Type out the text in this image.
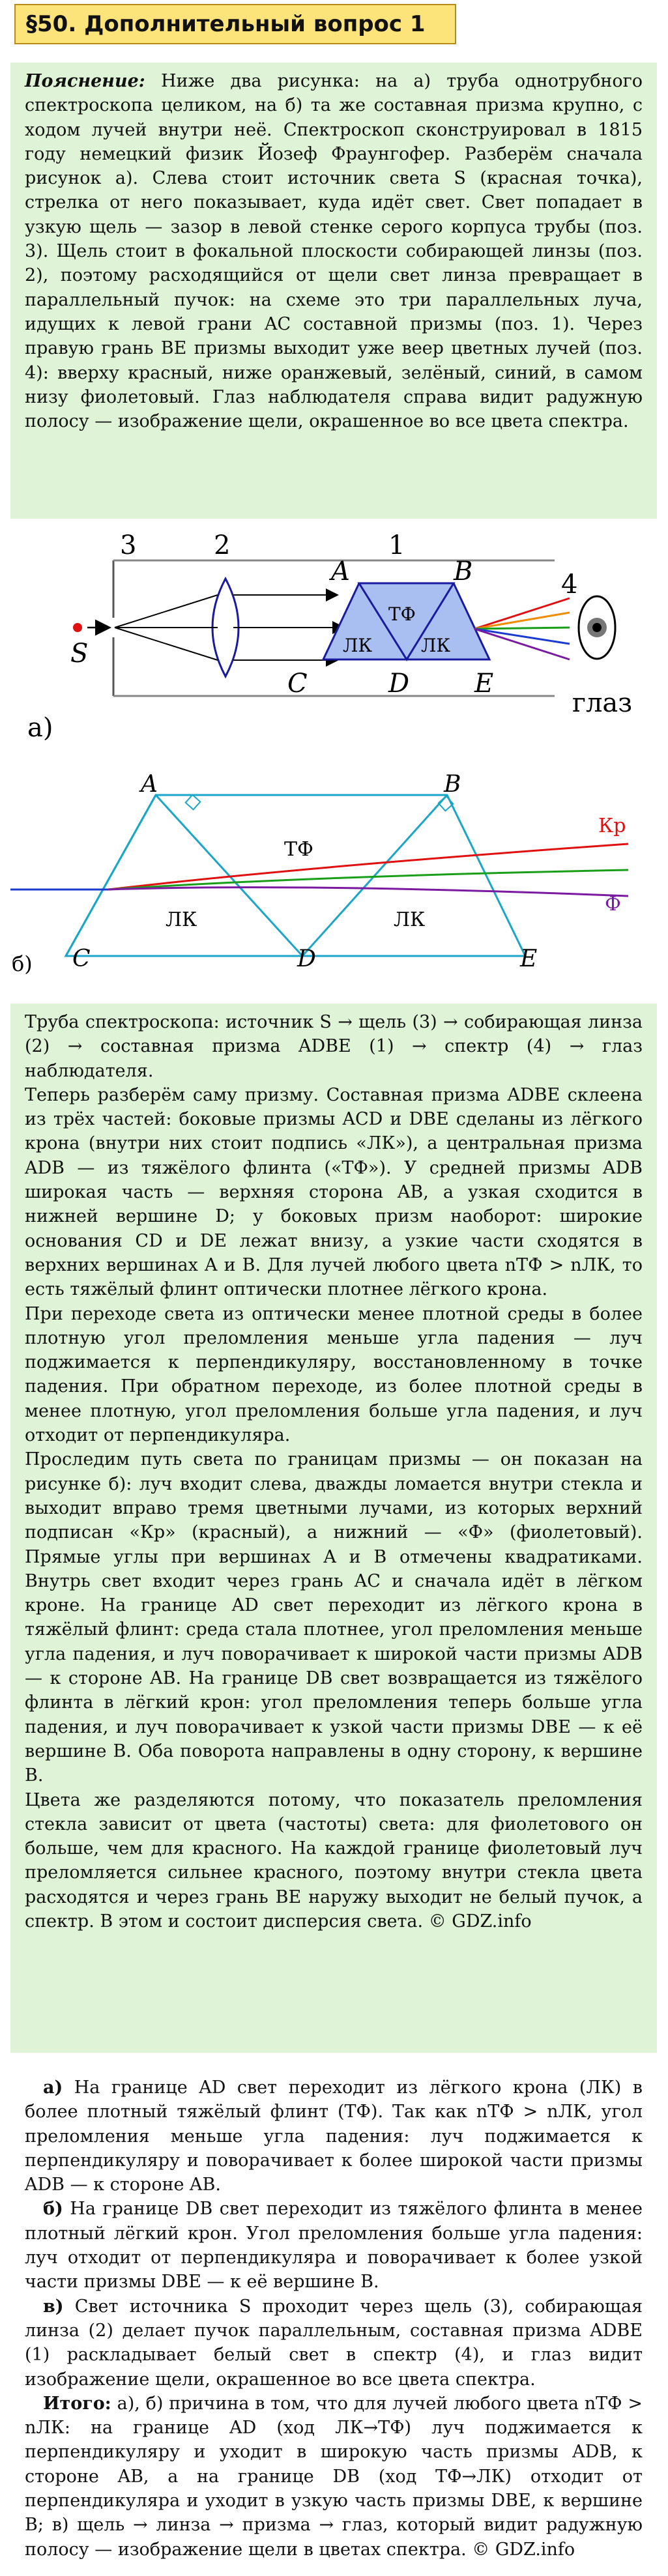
§50. Дополнительный вопрос 1

Пояснение: Ниже два рисунка: на а) труба однотрубного спектроскопа целиком, на б) та же составная призма крупно, с ходом лучей внутри неё. Спектроскоп сконструировал в 1815 году немецкий физик Йозеф Фраунгофер. Разберём сначала рисунок а). Слева стоит источник света S (красная точка), стрелка от него показывает, куда идёт свет. Свет попадает в узкую щель — зазор в левой стенке серого корпуса трубы (поз. 3). Щель стоит в фокальной плоскости собирающей линзы (поз. 2), поэтому расходящийся от щели свет линза превращает в параллельный пучок: на схеме это три параллельных луча, идущих к левой грани AC составной призмы (поз. 1). Через правую грань BE призмы выходит уже веер цветных лучей (поз. 4): вверху красный, ниже оранжевый, зелёный, синий, в самом низу фиолетовый. Глаз наблюдателя справа видит радужную полосу — изображение щели, окрашенное во все цвета спектра.

3	2	1
4
S
A	B
C	D E
ТФ
ЛК	ЛК
глаз
а)
A	B
C	D	E
ТФ
ЛК	ЛК
Кр
Ф
б)

Труба спектроскопа: источник S → щель (3) → собирающая линза (2) → составная призма ADBE (1) → спектр (4) → глаз наблюдателя.

Теперь разберём саму призму. Составная призма ADBE склеена из трёх частей: боковые призмы ACD и DBE сделаны из лёгкого крона (внутри них стоит подпись «ЛК»), а центральная призма ADB — из тяжёлого флинта («ТФ»). У средней призмы ADB широкая часть — верхняя сторона AB, а узкая сходится в нижней вершине D; у боковых призм наоборот: широкие основания CD и DE лежат внизу, а узкие части сходятся в верхних вершинах A и B. Для лучей любого цвета nТФ > nЛК, то есть тяжёлый флинт оптически плотнее лёгкого крона.

При переходе света из оптически менее плотной среды в более плотную угол преломления меньше угла падения — луч поджимается к перпендикуляру, восстановленному в точке падения. При обратном переходе, из более плотной среды в менее плотную, угол преломления больше угла падения, и луч отходит от перпендикуляра.

Проследим путь света по границам призмы — он показан на рисунке б): луч входит слева, дважды ломается внутри стекла и выходит вправо тремя цветными лучами, из которых верхний подписан «Кр» (красный), а нижний — «Ф» (фиолетовый). Прямые углы при вершинах A и B отмечены квадратиками. Внутрь свет входит через грань AC и сначала идёт в лёгком кроне. На границе AD свет переходит из лёгкого крона в тяжёлый флинт: среда стала плотнее, угол преломления меньше угла падения, и луч поворачивает к широкой части призмы ADB — к стороне AB. На границе DB свет возвращается из тяжёлого флинта в лёгкий крон: угол преломления теперь больше угла падения, и луч поворачивает к узкой части призмы DBE — к её вершине B. Оба поворота направлены в одну сторону, к вершине B.

Цвета же разделяются потому, что показатель преломления стекла зависит от цвета (частоты) света: для фиолетового он больше, чем для красного. На каждой границе фиолетовый луч преломляется сильнее красного, поэтому внутри стекла цвета расходятся и через грань BE наружу выходит не белый пучок, а спектр. В этом и состоит дисперсия света. © GDZ.info

а) На границе AD свет переходит из лёгкого крона (ЛК) в более плотный тяжёлый флинт (ТФ). Так как nТФ > nЛК, угол преломления меньше угла падения: луч поджимается к перпендикуляру и поворачивает к более широкой части призмы ADB — к стороне AB.

б) На границе DB свет переходит из тяжёлого флинта в менее плотный лёгкий крон. Угол преломления больше угла падения: луч отходит от перпендикуляра и поворачивает к более узкой части призмы DBE — к её вершине B.

в) Свет источника S проходит через щель (3), собирающая линза (2) делает пучок параллельным, составная призма ADBE (1) раскладывает белый свет в спектр (4), и глаз видит изображение щели, окрашенное во все цвета спектра.

Итого: а), б) причина в том, что для лучей любого цвета nТФ > nЛК: на границе AD (ход ЛК→ТФ) луч поджимается к перпендикуляру и уходит в широкую часть призмы ADB, к стороне AB, а на границе DB (ход ТФ→ЛК) отходит от перпендикуляра и уходит в узкую часть призмы DBE, к вершине B; в) щель → линза → призма → глаз, который видит радужную полосу — изображение щели в цветах спектра. © GDZ.info
